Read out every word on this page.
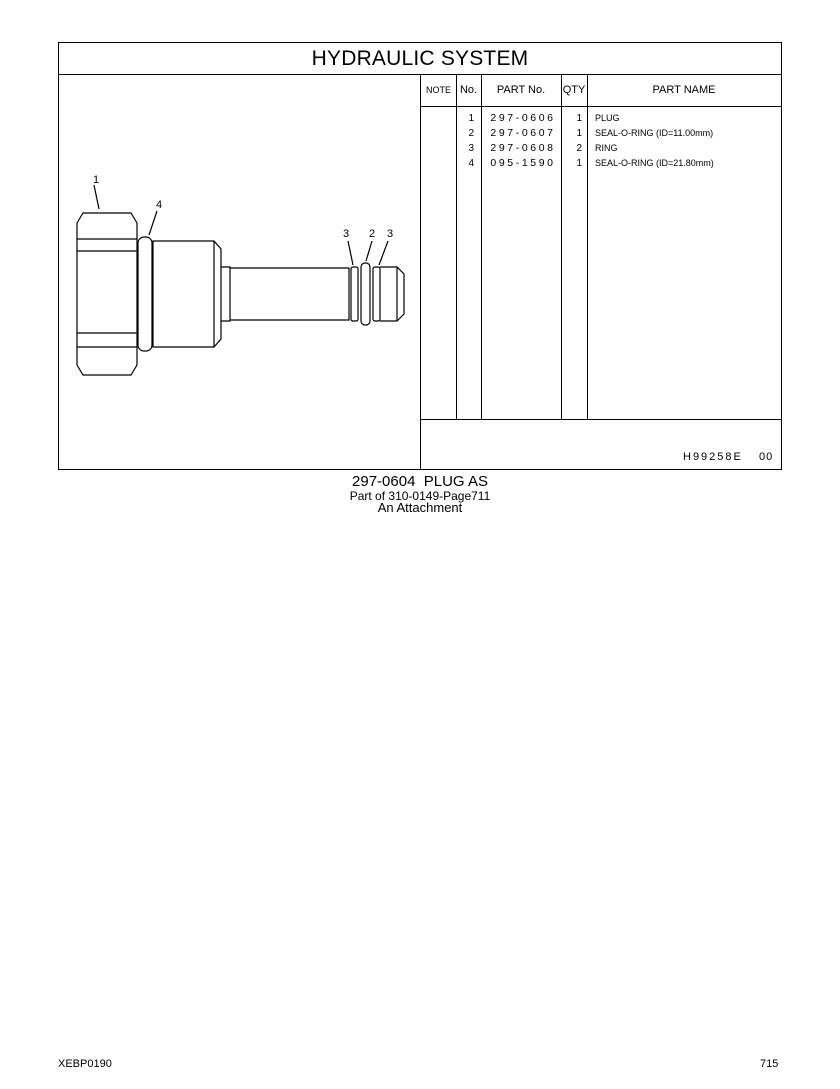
HYDRAULIC SYSTEM
1
4
3 2 3
NOTE No.	PART No.	QTY	PART NAME
1	297-0606	1 PLUG
2	297-0607	1 SEAL-O-RING (ID=11.00mm)
3	297-0608	2 RING
4	095-1590	1 SEAL-O-RING (ID=21.80mm)
H99258E 00
297-0604  PLUG AS
Part of 310-0149-Page711
An Attachment
XEBP0190	715
